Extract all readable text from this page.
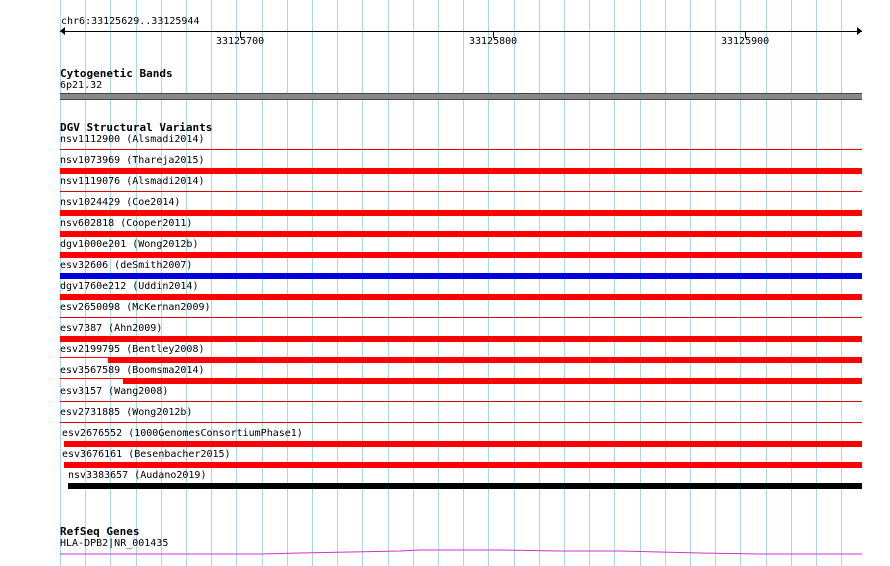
chr6:33125629..33125944
33125700	33125800	33125900
Cytogenetic Bands
6p21.32
DGV Structural Variants
nsv1112900 (Alsmadi2014)
nsv1073969 (Thareja2015)
nsv1119076 (Alsmadi2014)
nsv1024429 (Coe2014)
nsv602818 (Cooper2011)
dgv1000e201 (Wong2012b)
esv32606 (deSmith2007)
dgv1760e212 (Uddin2014)
esv2650098 (McKernan2009)
esv7387 (Ahn2009)
esv2199795 (Bentley2008)
esv3567589 (Boomsma2014)
esv3157 (Wang2008)
esv2731885 (Wong2012b)
esv2676552 (1000GenomesConsortiumPhase1)
esv3676161 (Besenbacher2015)
nsv3383657 (Audano2019)
RefSeq Genes
HLA-DPB2|NR_001435
